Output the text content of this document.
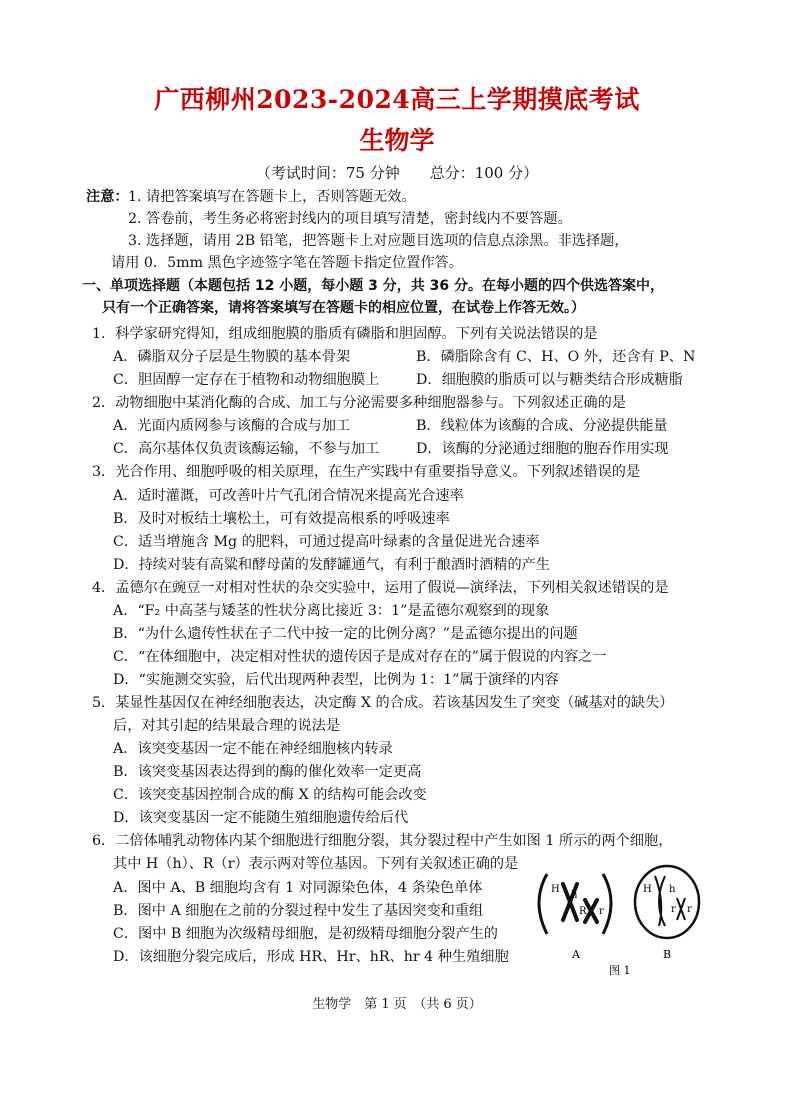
广西柳州2023-2024高三上学期摸底考试
生物学
（考试时间：75 分钟　　总分：100 分）
注意： 1. 请把答案填写在答题卡上，否则答题无效。
2. 答卷前，考生务必将密封线内的项目填写清楚，密封线内不要答题。
3. 选择题，请用 2B 铅笔，把答题卡上对应题目选项的信息点涂黑。非选择题，
请用 0．5mm 黑色字迹签字笔在答题卡指定位置作答。
一、单项选择题（本题包括 12 小题，每小题 3 分，共 36 分。在每小题的四个供选答案中，
只有一个正确答案，请将答案填写在答题卡的相应位置，在试卷上作答无效。）
1．科学家研究得知，组成细胞膜的脂质有磷脂和胆固醇。下列有关说法错误的是
A．磷脂双分子层是生物膜的基本骨架	B．磷脂除含有 C、H、O 外，还含有 P、N
C．胆固醇一定存在于植物和动物细胞膜上	D．细胞膜的脂质可以与糖类结合形成糖脂
2．动物细胞中某消化酶的合成、加工与分泌需要多种细胞器参与。下列叙述正确的是
A．光面内质网参与该酶的合成与加工	B．线粒体为该酶的合成、分泌提供能量
C．高尔基体仅负责该酶运输，不参与加工	D．该酶的分泌通过细胞的胞吞作用实现
3．光合作用、细胞呼吸的相关原理，在生产实践中有重要指导意义。下列叙述错误的是
A．适时灌溉，可改善叶片气孔闭合情况来提高光合速率
B．及时对板结土壤松土，可有效提高根系的呼吸速率
C．适当增施含 Mg 的肥料，可通过提高叶绿素的含量促进光合速率
D．持续对装有高粱和酵母菌的发酵罐通气，有利于酿酒时酒精的产生
4．孟德尔在豌豆一对相对性状的杂交实验中，运用了假说—演绎法，下列相关叙述错误的是
A．“F₂ 中高茎与矮茎的性状分离比接近 3：1”是孟德尔观察到的现象
B．“为什么遗传性状在子二代中按一定的比例分离？”是孟德尔提出的问题
C．“在体细胞中，决定相对性状的遗传因子是成对存在的”属于假说的内容之一
D．“实施测交实验，后代出现两种表型，比例为 1：1”属于演绎的内容
5．某显性基因仅在神经细胞表达，决定酶 X 的合成。若该基因发生了突变（碱基对的缺失）
后，对其引起的结果最合理的说法是
A．该突变基因一定不能在神经细胞核内转录
B．该突变基因表达得到的酶的催化效率一定更高
C．该突变基因控制合成的酶 X 的结构可能会改变
D．该突变基因一定不能随生殖细胞遗传给后代
6．二倍体哺乳动物体内某个细胞进行细胞分裂，其分裂过程中产生如图 1 所示的两个细胞，
其中 H（h）、R（r）表示两对等位基因。下列有关叙述正确的是
A．图中 A、B 细胞均含有 1 对同源染色体，4 条染色单体
B．图中 A 细胞在之前的分裂过程中发生了基因突变和重组
C．图中 B 细胞为次级精母细胞，是初级精母细胞分裂产生的
D．该细胞分裂完成后，形成 HR、Hr、hR、hr 4 种生殖细胞
H
h
R r
H h
r r
A	B
图 1
生物学　第 1 页　（共 6 页）
